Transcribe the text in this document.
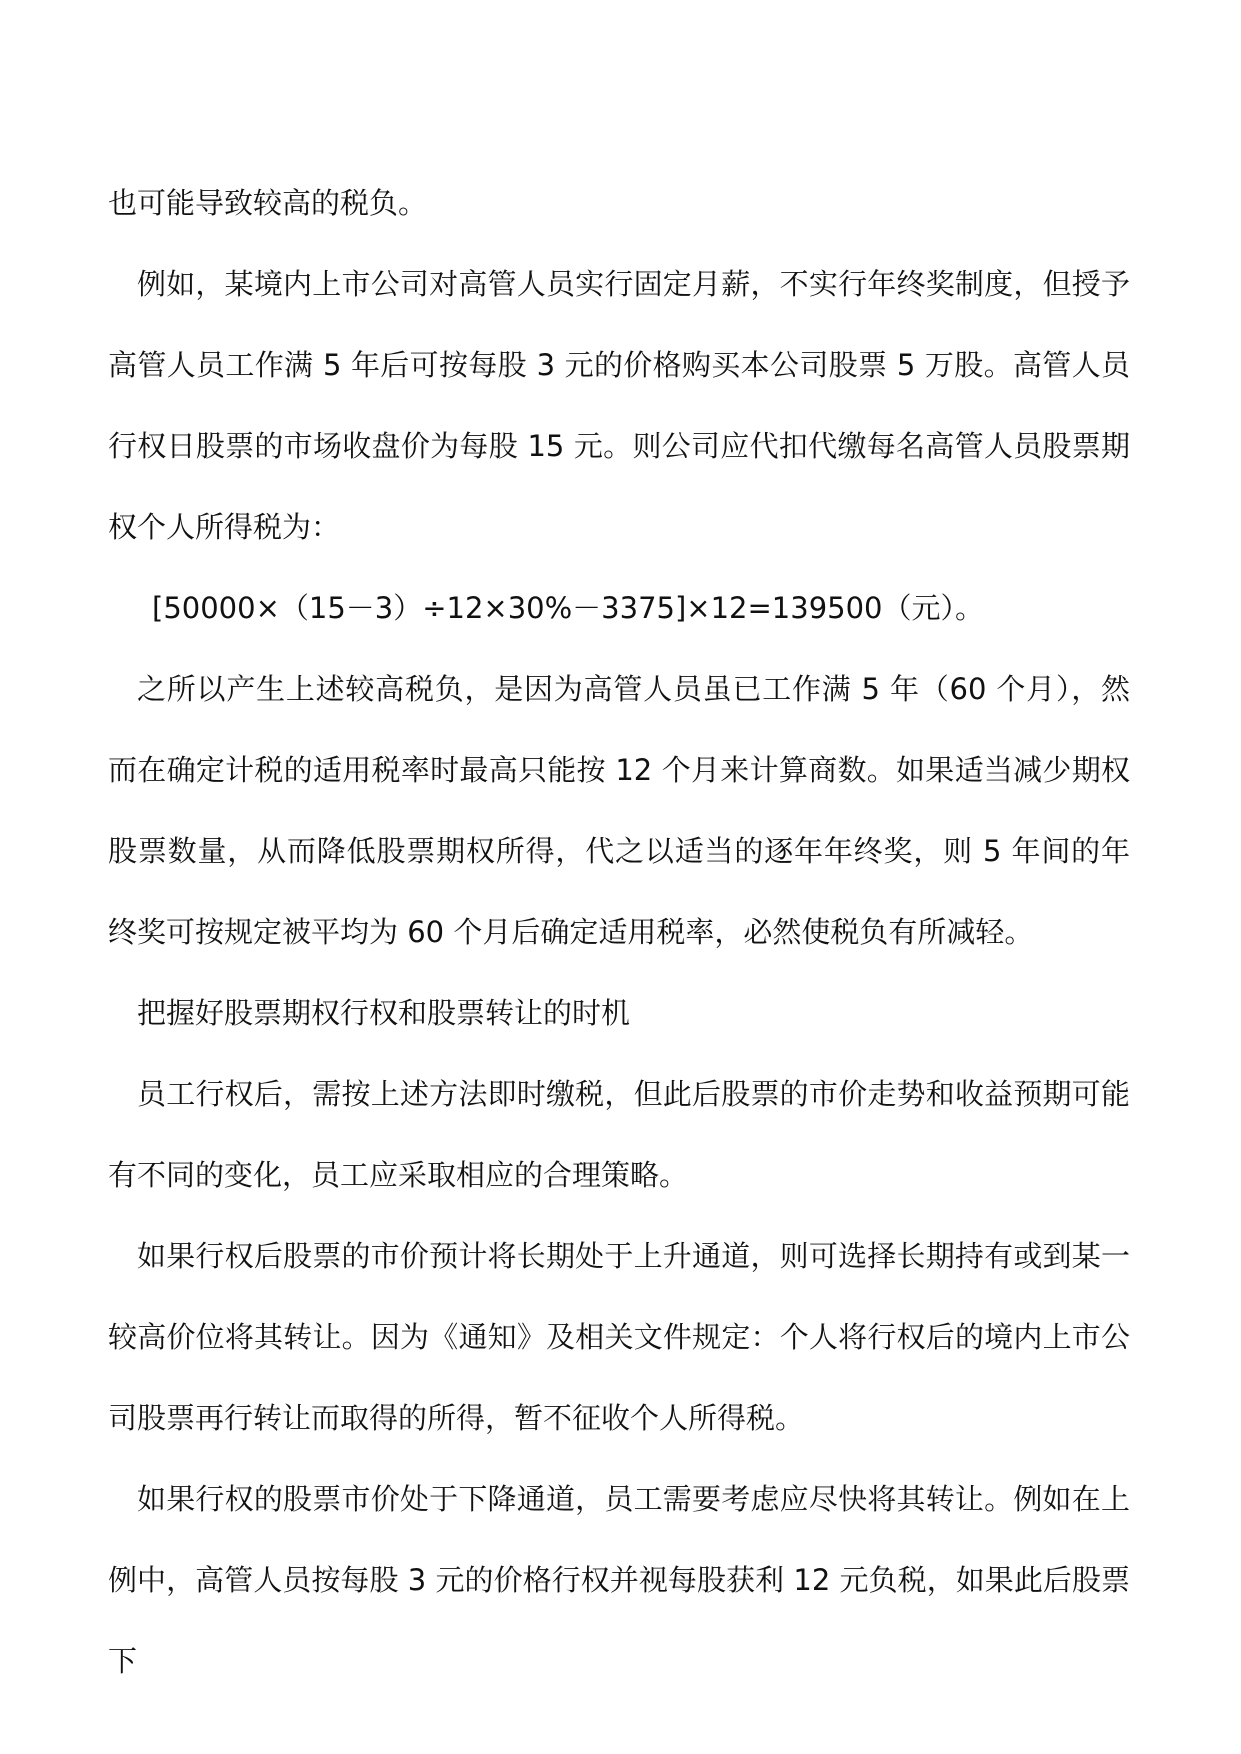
也可能导致较高的税负。

例如，某境内上市公司对高管人员实行固定月薪，不实行年终奖制度，但授予高管人员工作满 5 年后可按每股 3 元的价格购买本公司股票 5 万股。高管人员行权日股票的市场收盘价为每股 15 元。则公司应代扣代缴每名高管人员股票期权个人所得税为：

[50000×（15－3）÷12×30%－3375]×12=139500（元）。

之所以产生上述较高税负，是因为高管人员虽已工作满 5 年（60 个月），然而在确定计税的适用税率时最高只能按 12 个月来计算商数。如果适当减少期权股票数量，从而降低股票期权所得，代之以适当的逐年年终奖，则 5 年间的年终奖可按规定被平均为 60 个月后确定适用税率，必然使税负有所减轻。

把握好股票期权行权和股票转让的时机

员工行权后，需按上述方法即时缴税，但此后股票的市价走势和收益预期可能有不同的变化，员工应采取相应的合理策略。

如果行权后股票的市价预计将长期处于上升通道，则可选择长期持有或到某一较高价位将其转让。因为《通知》及相关文件规定：个人将行权后的境内上市公司股票再行转让而取得的所得，暂不征收个人所得税。

如果行权的股票市价处于下降通道，员工需要考虑应尽快将其转让。例如在上例中，高管人员按每股 3 元的价格行权并视每股获利 12 元负税，如果此后股票下
